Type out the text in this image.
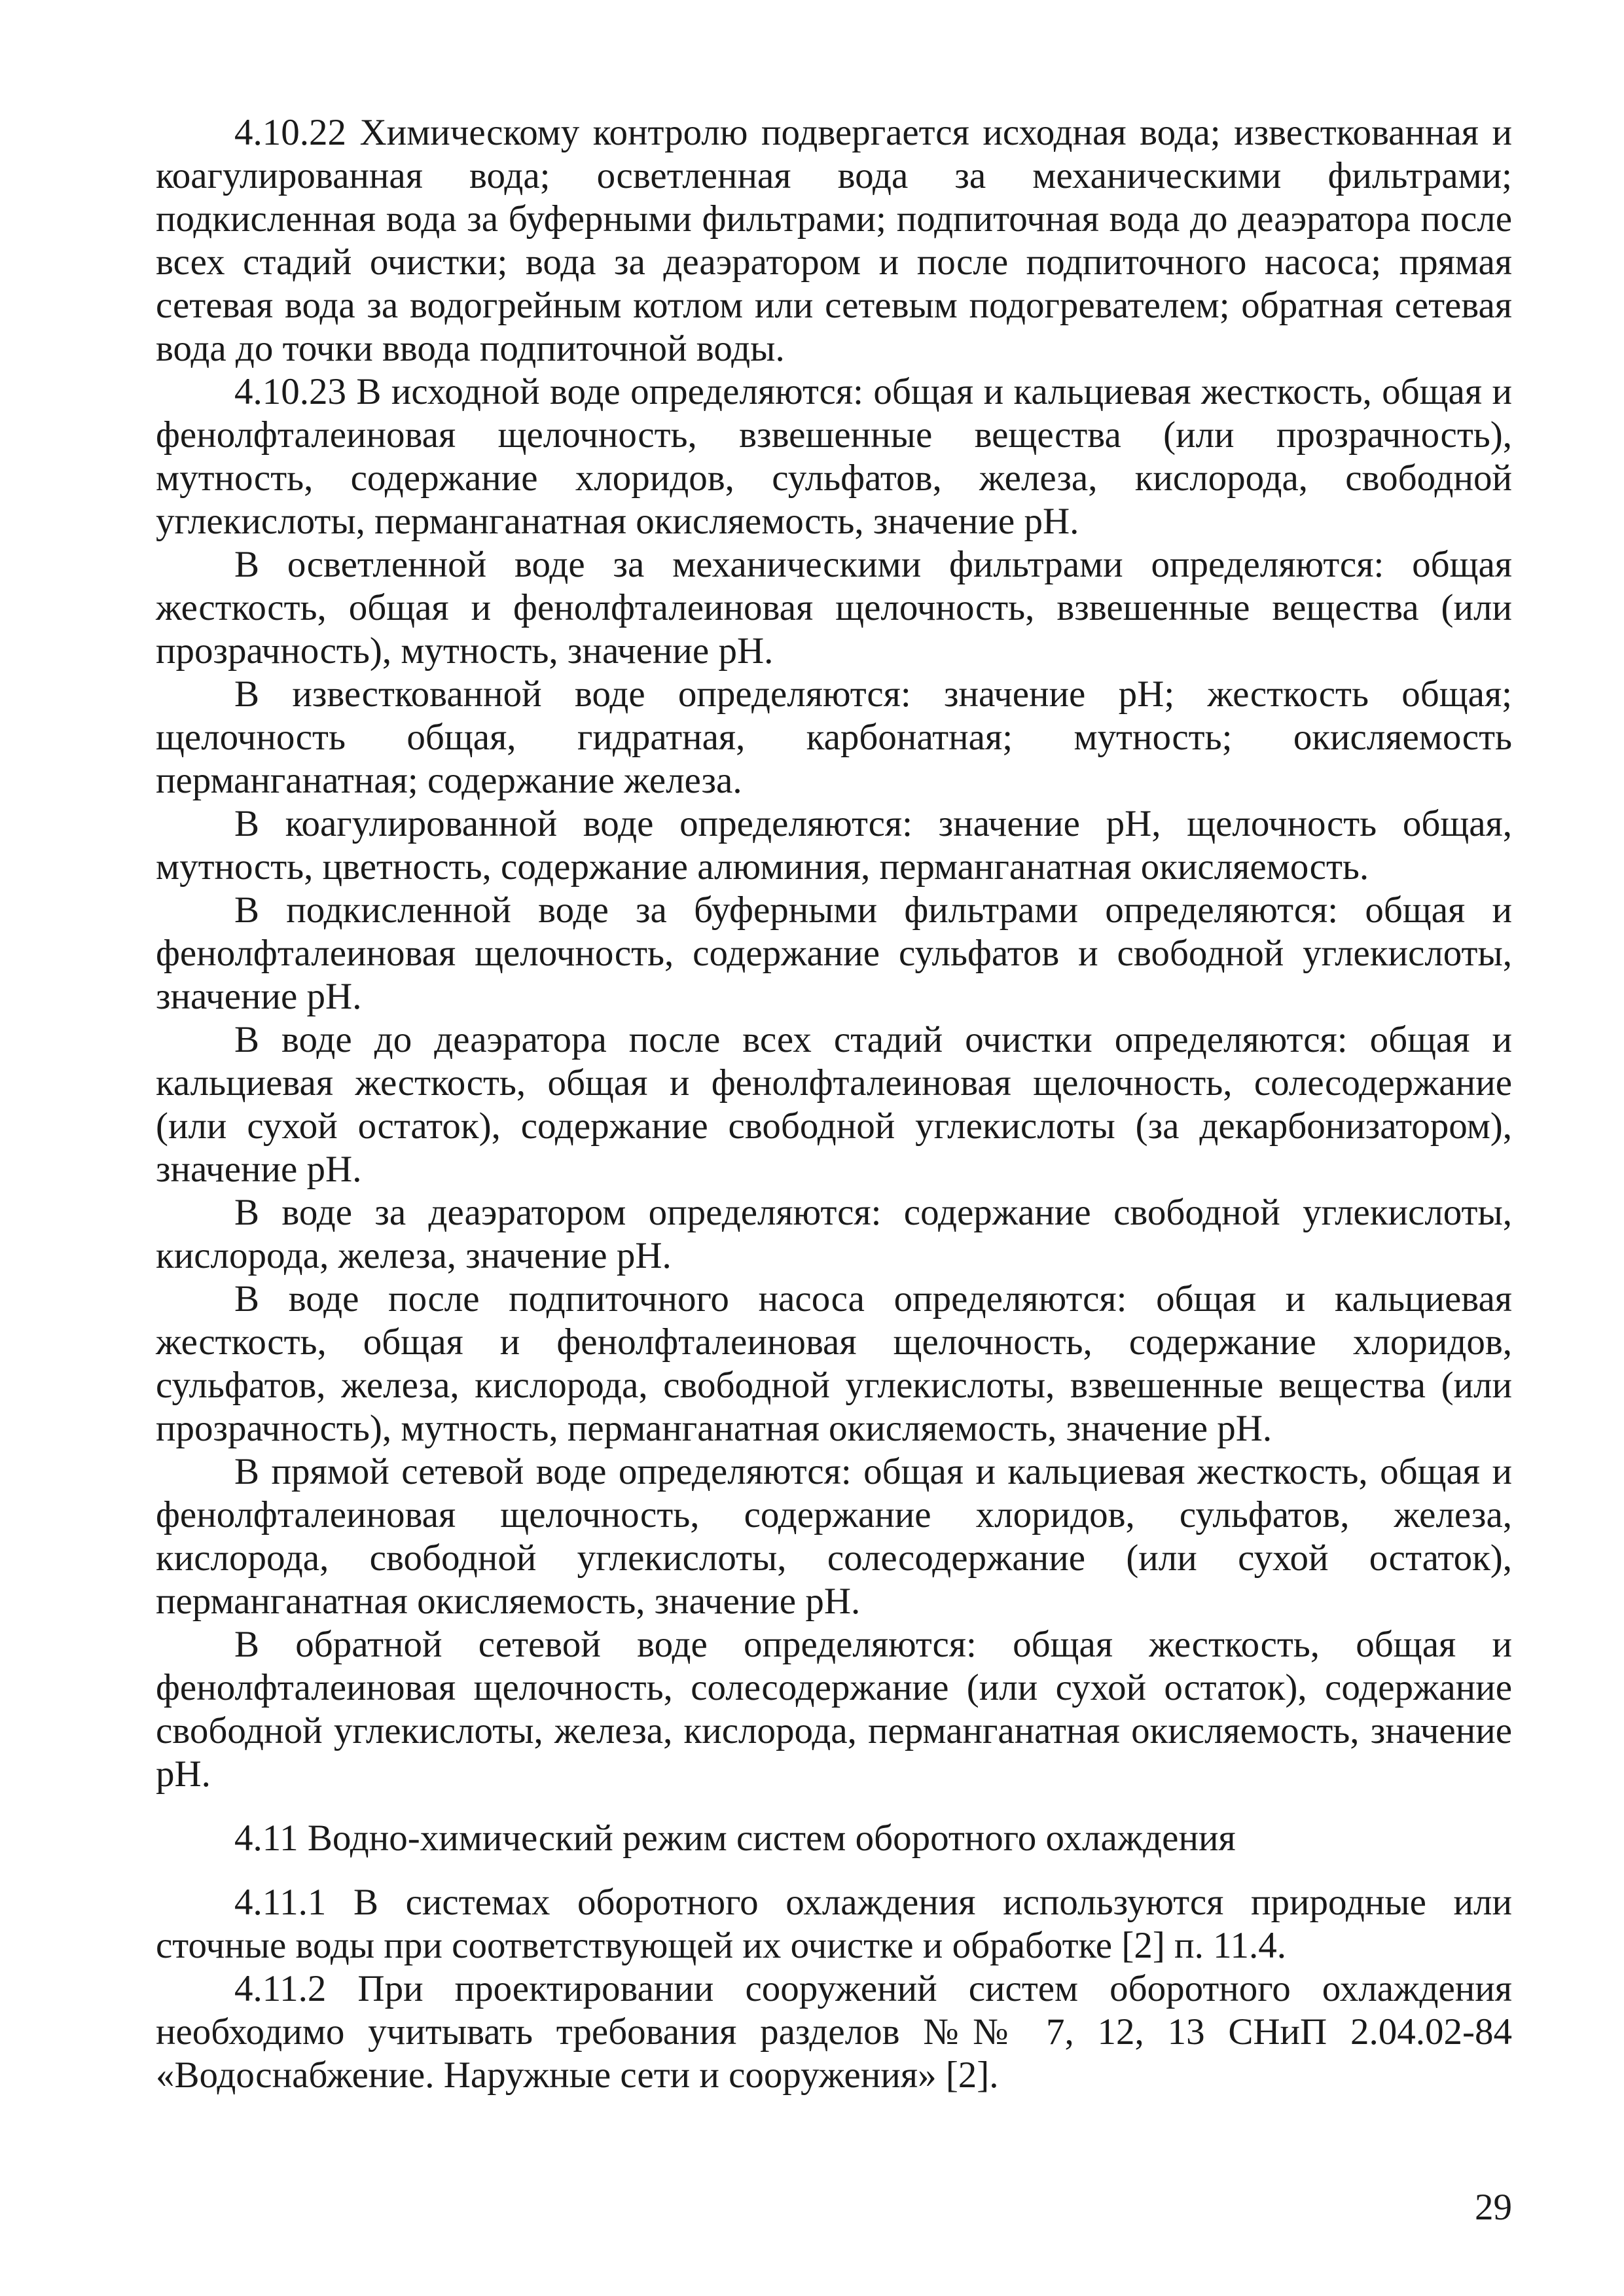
4.10.22 Химическому контролю подвергается исходная вода; известкованная и коагулированная вода; осветленная вода за механическими фильтрами; подкисленная вода за буферными фильтрами; подпиточная вода до деаэратора после всех стадий очистки; вода за деаэратором и после подпиточного насоса; прямая сетевая вода за водогрейным котлом или сетевым подогревателем; обратная сетевая вода до точки ввода подпиточной воды.

4.10.23 В исходной воде определяются: общая и кальциевая жесткость, общая и фенолфталеиновая щелочность, взвешенные вещества (или прозрачность), мутность, содержание хлоридов, сульфатов, железа, кислорода, свободной углекислоты, перманганатная окисляемость, значение рН.

В осветленной воде за механическими фильтрами определяются: общая жесткость, общая и фенолфталеиновая щелочность, взвешенные вещества (или прозрачность), мутность, значение рН.

В известкованной воде определяются: значение рН; жесткость общая; щелочность общая, гидратная, карбонатная; мутность; окисляемость перманганатная; содержание железа.

В коагулированной воде определяются: значение рН, щелочность общая, мутность, цветность, содержание алюминия, перманганатная окисляемость.

В подкисленной воде за буферными фильтрами определяются: общая и фенолфталеиновая щелочность, содержание сульфатов и свободной углекислоты, значение рН.

В воде до деаэратора после всех стадий очистки определяются: общая и кальциевая жесткость, общая и фенолфталеиновая щелочность, солесодержание (или сухой остаток), содержание свободной углекислоты (за декарбонизатором), значение рН.

В воде за деаэратором определяются: содержание свободной углекислоты, кислорода, железа, значение рН.

В воде после подпиточного насоса определяются: общая и кальциевая жесткость, общая и фенолфталеиновая щелочность, содержание хлоридов, сульфатов, железа, кислорода, свободной углекислоты, взвешенные вещества (или прозрачность), мутность, перманганатная окисляемость, значение рН.

В прямой сетевой воде определяются: общая и кальциевая жесткость, общая и фенолфталеиновая щелочность, содержание хлоридов, сульфатов, железа, кислорода, свободной углекислоты, солесодержание (или сухой остаток), перманганатная окисляемость, значение рН.

В обратной сетевой воде определяются: общая жесткость, общая и фенолфталеиновая щелочность, солесодержание (или сухой остаток), содержание свободной углекислоты, железа, кислорода, перманганатная окисляемость, значение рН.

4.11 Водно-химический режим систем оборотного охлаждения

4.11.1 В системах оборотного охлаждения используются природные или сточные воды при соответствующей их очистке и обработке [2] п. 11.4.

4.11.2 При проектировании сооружений систем оборотного охлаждения необходимо учитывать требования разделов №№ 7, 12, 13 СНиП 2.04.02-84 «Водоснабжение. Наружные сети и сооружения» [2].

29
